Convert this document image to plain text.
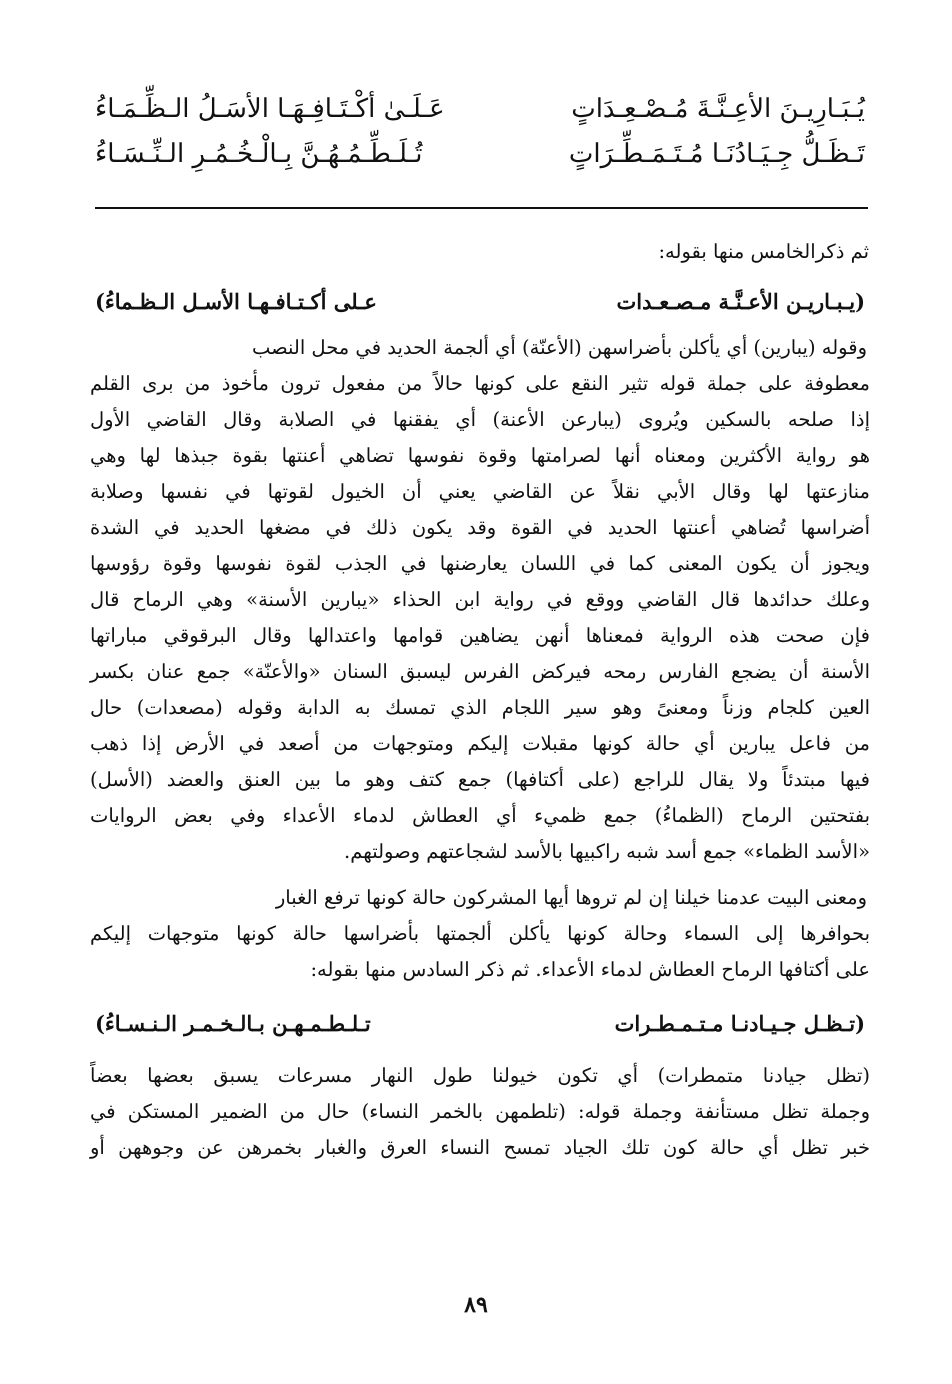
يُـبَـارِيـنَ الأعِـنَّـةَ مُـصْـعِـدَاتٍ
عَـلَـىٰ أكْـتَـافِـهَـا الأسَـلُ الـظِّـمَـاءُ
تَـظَـلُّ جِـيَـادُنَـا مُـتَـمَـطِّـرَاتٍ
تُـلَـطِّـمُـهُـنَّ بِـالْـخُـمُـرِ الـنِّـسَـاءُ
ثم ذكرالخامس منها بقوله:
(يـبـاريـن الأعـنَّـة مـصـعـدات
عـلى أكـتـافـهـا الأسـل الـظـماءُ)
وقوله (يبارين) أي يأكلن بأضراسهن (الأعنّة) أي ألجمة الحديد في محل النصب
معطوفة على جملة قوله تثير النقع على كونها حالاً من مفعول ترون مأخوذ من برى القلم
إذا صلحه بالسكين ويُروى (يبارعن الأعنة) أي يفقنها في الصلابة وقال القاضي الأول
هو رواية الأكثرين ومعناه أنها لصرامتها وقوة نفوسها تضاهي أعنتها بقوة جبذها لها وهي
منازعتها لها وقال الأبي نقلاً عن القاضي يعني أن الخيول لقوتها في نفسها وصلابة
أضراسها تُضاهي أعنتها الحديد في القوة وقد يكون ذلك في مضغها الحديد في الشدة
ويجوز أن يكون المعنى كما في اللسان يعارضنها في الجذب لقوة نفوسها وقوة رؤوسها
وعلك حدائدها قال القاضي ووقع في رواية ابن الحذاء «يبارين الأسنة» وهي الرماح قال
فإن صحت هذه الرواية فمعناها أنهن يضاهين قوامها واعتدالها وقال البرقوقي مباراتها
الأسنة أن يضجع الفارس رمحه فيركض الفرس ليسبق السنان «والأعنّة» جمع عنان بكسر
العين كلجام وزناً ومعنىً وهو سير اللجام الذي تمسك به الدابة وقوله (مصعدات) حال
من فاعل يبارين أي حالة كونها مقبلات إليكم ومتوجهات من أصعد في الأرض إذا ذهب
فيها مبتدئاً ولا يقال للراجع (على أكتافها) جمع كتف وهو ما بين العنق والعضد (الأسل)
بفتحتين الرماح (الظماءُ) جمع ظميء أي العطاش لدماء الأعداء وفي بعض الروايات
«الأسد الظماء» جمع أسد شبه راكبيها بالأسد لشجاعتهم وصولتهم.
ومعنى البيت عدمنا خيلنا إن لم تروها أيها المشركون حالة كونها ترفع الغبار
بحوافرها إلى السماء وحالة كونها يأكلن ألجمتها بأضراسها حالة كونها متوجهات إليكم
على أكتافها الرماح العطاش لدماء الأعداء. ثم ذكر السادس منها بقوله:
(تـظـل جـيـادنـا مـتـمـطـرات
تـلـطـمـهـن بـالـخـمـر الـنـسـاءُ)
(تظل جيادنا متمطرات) أي تكون خيولنا طول النهار مسرعات يسبق بعضها بعضاً
وجملة تظل مستأنفة وجملة قوله: (تلطمهن بالخمر النساء) حال من الضمير المستكن في
خبر تظل أي حالة كون تلك الجياد تمسح النساء العرق والغبار بخمرهن عن وجوههن أو
٨٩
